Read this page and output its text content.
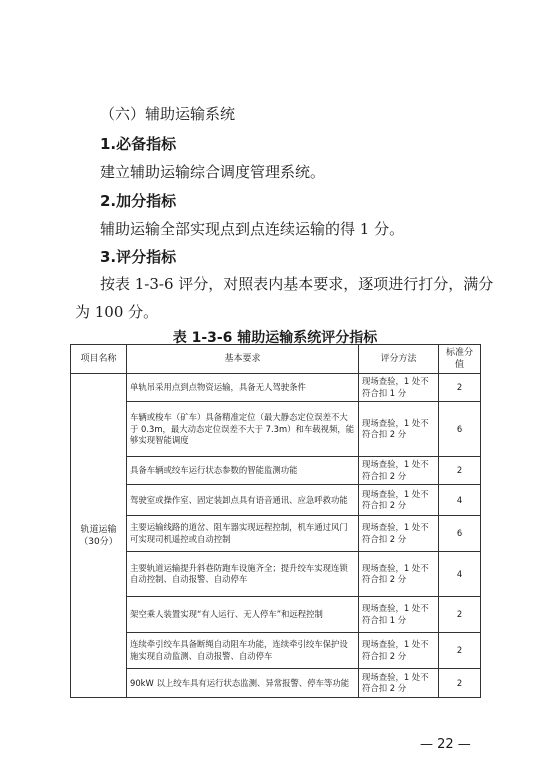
（六）辅助运输系统
1.必备指标
建立辅助运输综合调度管理系统。
2.加分指标
辅助运输全部实现点到点连续运输的得 1 分。
3.评分指标
按表 1-3-6 评分，对照表内基本要求，逐项进行打分，满分
为 100 分。
表 1-3-6 辅助运输系统评分指标
项目名称	基本要求	评分方法	标准分值
轨道运输（30分）	单轨吊采用点到点物资运输，具备无人驾驶条件	现场查验，1 处不符合扣 1 分	2
	车辆或梭车（矿车）具备精准定位（最大静态定位误差不大于 0.3m，最大动态定位误差不大于 7.3m）和车载视频，能够实现智能调度	现场查验，1 处不符合扣 2 分	6
	具备车辆或绞车运行状态参数的智能监测功能	现场查验，1 处不符合扣 2 分	2
	驾驶室或操作室、固定装卸点具有语音通讯、应急呼救功能	现场查验，1 处不符合扣 2 分	4
	主要运输线路的道岔、阻车器实现远程控制，机车通过风门可实现司机遥控或自动控制	现场查验，1 处不符合扣 2 分	6
	主要轨道运输提升斜巷防跑车设施齐全；提升绞车实现连锁自动控制、自动报警、自动停车	现场查验，1 处不符合扣 2 分	4
	架空乘人装置实现“有人运行、无人停车”和远程控制	现场查验，1 处不符合扣 1 分	2
	连续牵引绞车具备断绳自动阻车功能，连续牵引绞车保护设施实现自动监测、自动报警、自动停车	现场查验，1 处不符合扣 2 分	2
	90kW 以上绞车具有运行状态监测、异常报警、停车等功能	现场查验，1 处不符合扣 2 分	2
— 22 —
